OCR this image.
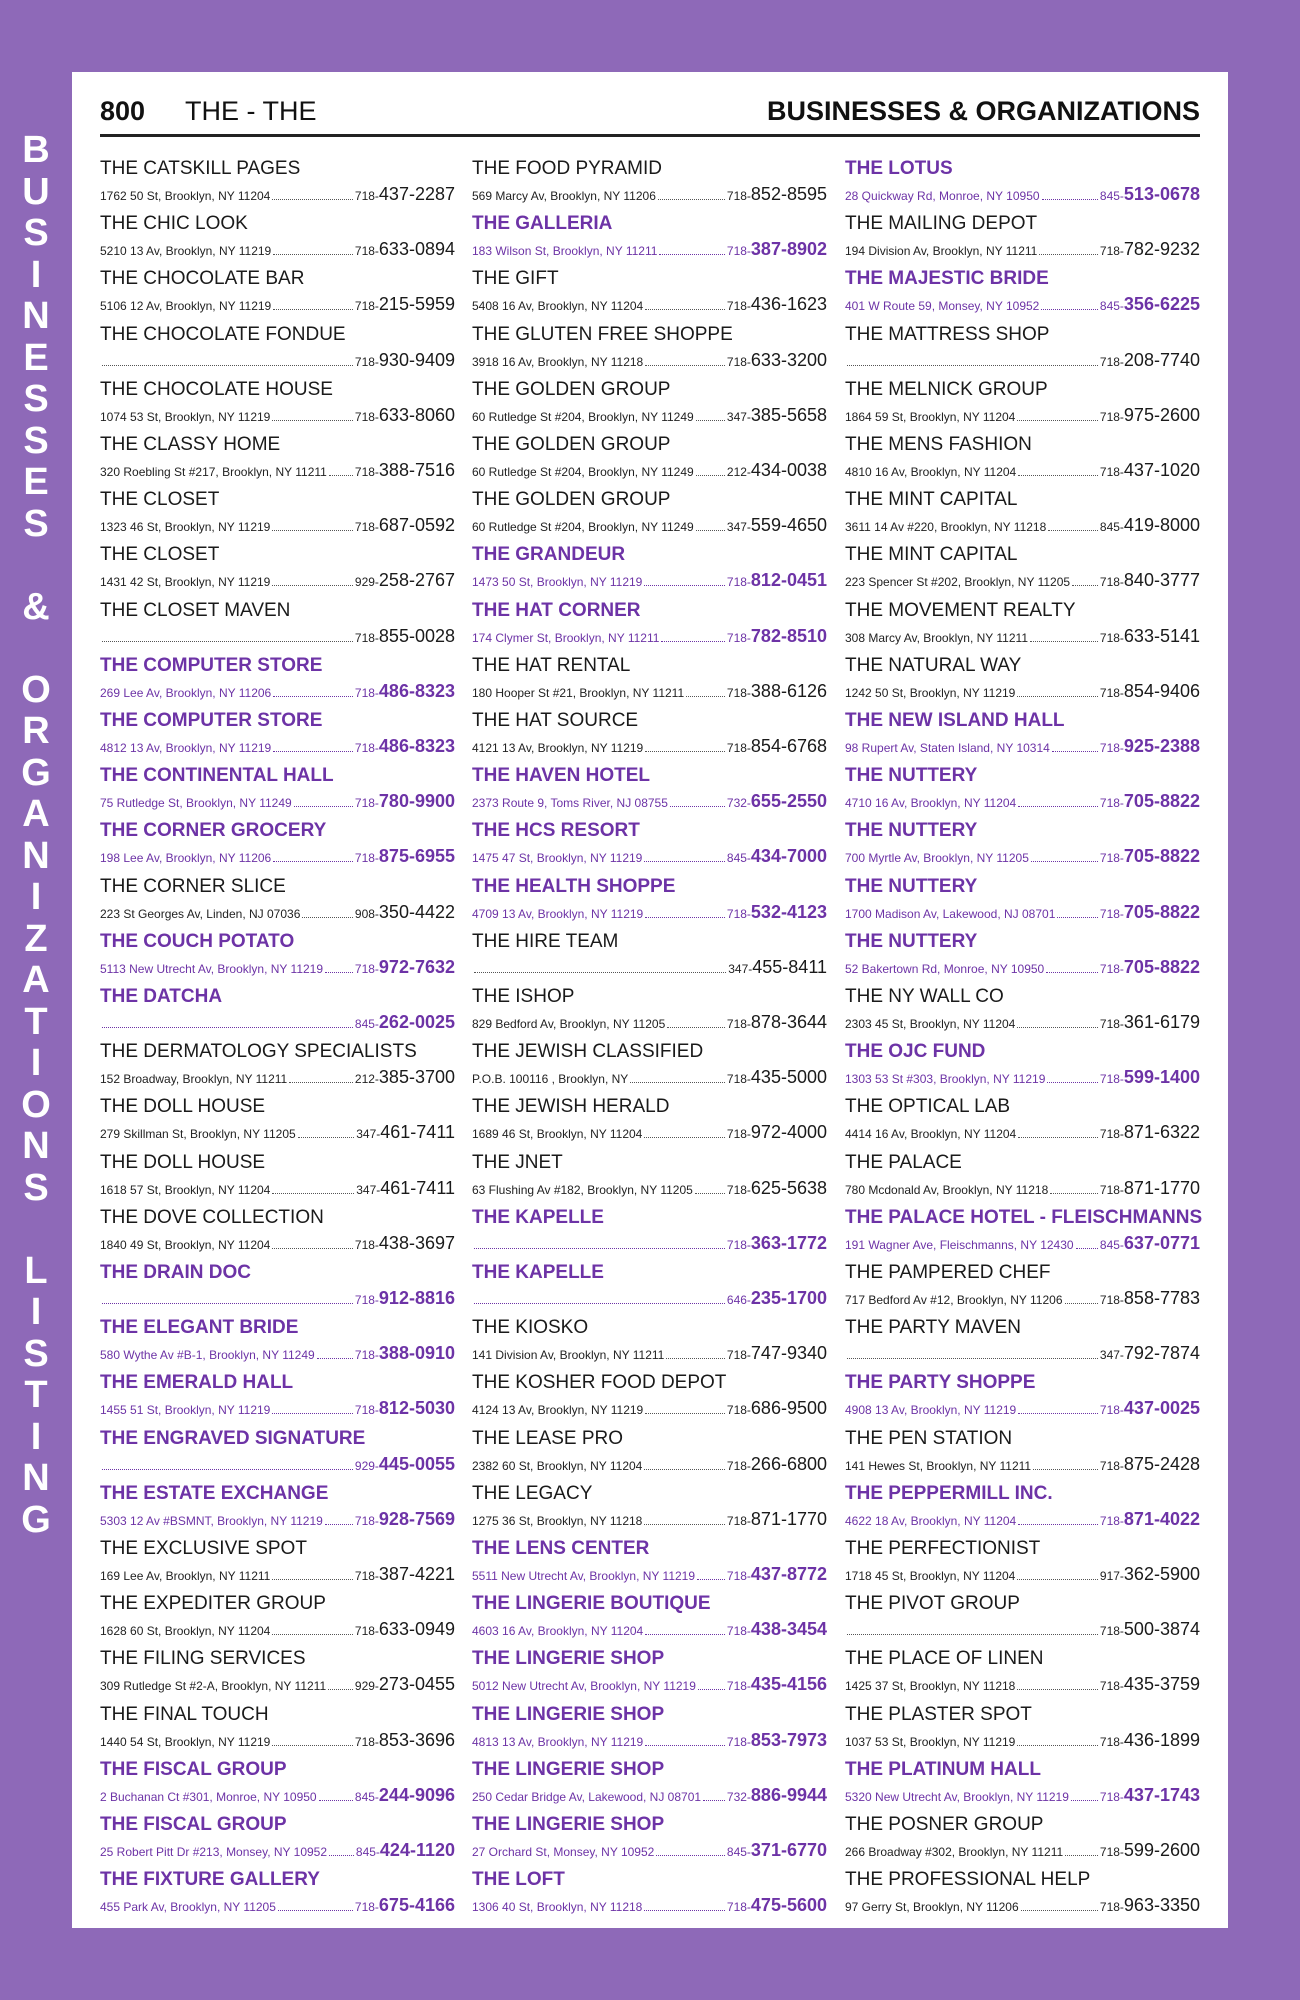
B
U
S
I
N
E
S
S
E
S
&
O
R
G
A
N
I
Z
A
T
I
O
N
S
L
I
S
T
I
N
G
800 THE - THE	BUSINESSES & ORGANIZATIONS
THE CATSKILL PAGES
1762 50 St, Brooklyn, NY 11204	718- 437-2287
THE CHIC LOOK
5210 13 Av, Brooklyn, NY 11219	718- 633-0894
THE CHOCOLATE BAR
5106 12 Av, Brooklyn, NY 11219	718- 215-5959
THE CHOCOLATE FONDUE
718- 930-9409
THE CHOCOLATE HOUSE
1074 53 St, Brooklyn, NY 11219	718- 633-8060
THE CLASSY HOME
320 Roebling St #217, Brooklyn, NY 11211 718- 388-7516
THE CLOSET
1323 46 St, Brooklyn, NY 11219	718- 687-0592
THE CLOSET
1431 42 St, Brooklyn, NY 11219	929- 258-2767
THE CLOSET MAVEN
718- 855-0028
THE COMPUTER STORE
269 Lee Av, Brooklyn, NY 11206	718- 486-8323
THE COMPUTER STORE
4812 13 Av, Brooklyn, NY 11219	718- 486-8323
THE CONTINENTAL HALL
75 Rutledge St, Brooklyn, NY 11249	718- 780-9900
THE CORNER GROCERY
198 Lee Av, Brooklyn, NY 11206	718- 875-6955
THE CORNER SLICE
223 St Georges Av, Linden, NJ 07036	908- 350-4422
THE COUCH POTATO
5113 New Utrecht Av, Brooklyn, NY 11219	718- 972-7632
THE DATCHA
845- 262-0025
THE DERMATOLOGY SPECIALISTS
152 Broadway, Brooklyn, NY 11211	212- 385-3700
THE DOLL HOUSE
279 Skillman St, Brooklyn, NY 11205	347- 461-7411
THE DOLL HOUSE
1618 57 St, Brooklyn, NY 11204	347- 461-7411
THE DOVE COLLECTION
1840 49 St, Brooklyn, NY 11204	718- 438-3697
THE DRAIN DOC
718- 912-8816
THE ELEGANT BRIDE
580 Wythe Av #B-1, Brooklyn, NY 11249	718- 388-0910
THE EMERALD HALL
1455 51 St, Brooklyn, NY 11219	718- 812-5030
THE ENGRAVED SIGNATURE
929- 445-0055
THE ESTATE EXCHANGE
5303 12 Av #BSMNT, Brooklyn, NY 11219	718- 928-7569
THE EXCLUSIVE SPOT
169 Lee Av, Brooklyn, NY 11211	718- 387-4221
THE EXPEDITER GROUP
1628 60 St, Brooklyn, NY 11204	718- 633-0949
THE FILING SERVICES
309 Rutledge St #2-A, Brooklyn, NY 11211 929- 273-0455
THE FINAL TOUCH
1440 54 St, Brooklyn, NY 11219	718- 853-3696
THE FISCAL GROUP
2 Buchanan Ct #301, Monroe, NY 10950	845- 244-9096
THE FISCAL GROUP
25 Robert Pitt Dr #213, Monsey, NY 10952 845- 424-1120
THE FIXTURE GALLERY
455 Park Av, Brooklyn, NY 11205	718- 675-4166
THE FOOD PYRAMID
569 Marcy Av, Brooklyn, NY 11206	718- 852-8595
THE GALLERIA
183 Wilson St, Brooklyn, NY 11211	718- 387-8902
THE GIFT
5408 16 Av, Brooklyn, NY 11204	718- 436-1623
THE GLUTEN FREE SHOPPE
3918 16 Av, Brooklyn, NY 11218	718- 633-3200
THE GOLDEN GROUP
60 Rutledge St #204, Brooklyn, NY 11249	347- 385-5658
THE GOLDEN GROUP
60 Rutledge St #204, Brooklyn, NY 11249	212- 434-0038
THE GOLDEN GROUP
60 Rutledge St #204, Brooklyn, NY 11249	347- 559-4650
THE GRANDEUR
1473 50 St, Brooklyn, NY 11219	718- 812-0451
THE HAT CORNER
174 Clymer St, Brooklyn, NY 11211	718- 782-8510
THE HAT RENTAL
180 Hooper St #21, Brooklyn, NY 11211	718- 388-6126
THE HAT SOURCE
4121 13 Av, Brooklyn, NY 11219	718- 854-6768
THE HAVEN HOTEL
2373 Route 9, Toms River, NJ 08755	732- 655-2550
THE HCS RESORT
1475 47 St, Brooklyn, NY 11219	845- 434-7000
THE HEALTH SHOPPE
4709 13 Av, Brooklyn, NY 11219	718- 532-4123
THE HIRE TEAM
347- 455-8411
THE ISHOP
829 Bedford Av, Brooklyn, NY 11205	718- 878-3644
THE JEWISH CLASSIFIED
P.O.B. 100116 , Brooklyn, NY	718- 435-5000
THE JEWISH HERALD
1689 46 St, Brooklyn, NY 11204	718- 972-4000
THE JNET
63 Flushing Av #182, Brooklyn, NY 11205	718- 625-5638
THE KAPELLE
718- 363-1772
THE KAPELLE
646- 235-1700
THE KIOSKO
141 Division Av, Brooklyn, NY 11211	718- 747-9340
THE KOSHER FOOD DEPOT
4124 13 Av, Brooklyn, NY 11219	718- 686-9500
THE LEASE PRO
2382 60 St, Brooklyn, NY 11204	718- 266-6800
THE LEGACY
1275 36 St, Brooklyn, NY 11218	718- 871-1770
THE LENS CENTER
5511 New Utrecht Av, Brooklyn, NY 11219	718- 437-8772
THE LINGERIE BOUTIQUE
4603 16 Av, Brooklyn, NY 11204	718- 438-3454
THE LINGERIE SHOP
5012 New Utrecht Av, Brooklyn, NY 11219	718- 435-4156
THE LINGERIE SHOP
4813 13 Av, Brooklyn, NY 11219	718- 853-7973
THE LINGERIE SHOP
250 Cedar Bridge Av, Lakewood, NJ 08701 732- 886-9944
THE LINGERIE SHOP
27 Orchard St, Monsey, NY 10952	845- 371-6770
THE LOFT
1306 40 St, Brooklyn, NY 11218	718- 475-5600
THE LOTUS
28 Quickway Rd, Monroe, NY 10950	845- 513-0678
THE MAILING DEPOT
194 Division Av, Brooklyn, NY 11211	718- 782-9232
THE MAJESTIC BRIDE
401 W Route 59, Monsey, NY 10952	845- 356-6225
THE MATTRESS SHOP
718- 208-7740
THE MELNICK GROUP
1864 59 St, Brooklyn, NY 11204	718- 975-2600
THE MENS FASHION
4810 16 Av, Brooklyn, NY 11204	718- 437-1020
THE MINT CAPITAL
3611 14 Av #220, Brooklyn, NY 11218	845- 419-8000
THE MINT CAPITAL
223 Spencer St #202, Brooklyn, NY 11205 718- 840-3777
THE MOVEMENT REALTY
308 Marcy Av, Brooklyn, NY 11211	718- 633-5141
THE NATURAL WAY
1242 50 St, Brooklyn, NY 11219	718- 854-9406
THE NEW ISLAND HALL
98 Rupert Av, Staten Island, NY 10314	718- 925-2388
THE NUTTERY
4710 16 Av, Brooklyn, NY 11204	718- 705-8822
THE NUTTERY
700 Myrtle Av, Brooklyn, NY 11205	718- 705-8822
THE NUTTERY
1700 Madison Av, Lakewood, NJ 08701	718- 705-8822
THE NUTTERY
52 Bakertown Rd, Monroe, NY 10950	718- 705-8822
THE NY WALL CO
2303 45 St, Brooklyn, NY 11204	718- 361-6179
THE OJC FUND
1303 53 St #303, Brooklyn, NY 11219	718- 599-1400
THE OPTICAL LAB
4414 16 Av, Brooklyn, NY 11204	718- 871-6322
THE PALACE
780 Mcdonald Av, Brooklyn, NY 11218	718- 871-1770
THE PALACE HOTEL - FLEISCHMANNS
191 Wagner Ave, Fleischmanns, NY 12430 845- 637-0771
THE PAMPERED CHEF
717 Bedford Av #12, Brooklyn, NY 11206	718- 858-7783
THE PARTY MAVEN
347- 792-7874
THE PARTY SHOPPE
4908 13 Av, Brooklyn, NY 11219	718- 437-0025
THE PEN STATION
141 Hewes St, Brooklyn, NY 11211	718- 875-2428
THE PEPPERMILL INC.
4622 18 Av, Brooklyn, NY 11204	718- 871-4022
THE PERFECTIONIST
1718 45 St, Brooklyn, NY 11204	917- 362-5900
THE PIVOT GROUP
718- 500-3874
THE PLACE OF LINEN
1425 37 St, Brooklyn, NY 11218	718- 435-3759
THE PLASTER SPOT
1037 53 St, Brooklyn, NY 11219	718- 436-1899
THE PLATINUM HALL
5320 New Utrecht Av, Brooklyn, NY 11219	718- 437-1743
THE POSNER GROUP
266 Broadway #302, Brooklyn, NY 11211	718- 599-2600
THE PROFESSIONAL HELP
97 Gerry St, Brooklyn, NY 11206	718- 963-3350
